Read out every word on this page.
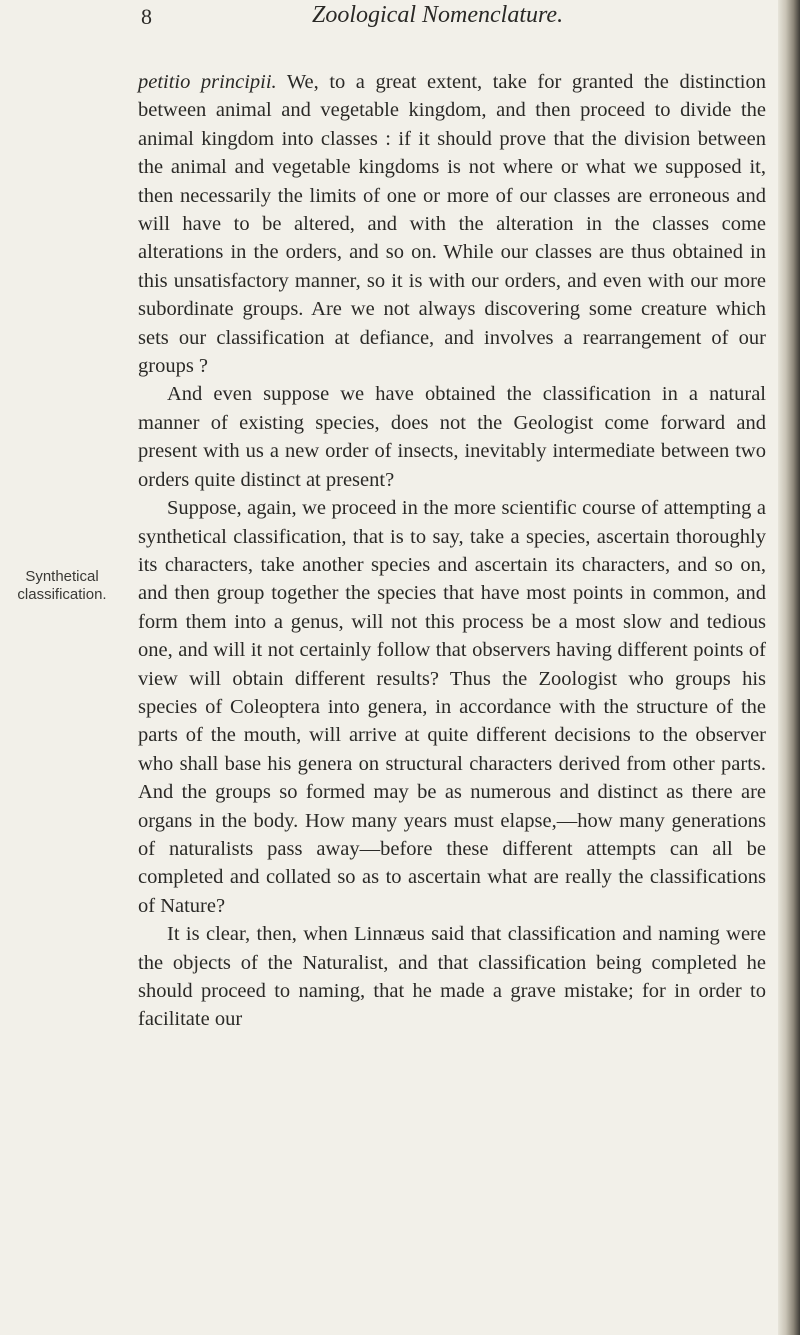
8	Zoological Nomenclature.
Synthetical
classification.

petitio principii. We, to a great extent, take for granted the distinction between animal and vegetable kingdom, and then proceed to divide the animal kingdom into classes : if it should prove that the division between the animal and vegetable kingdoms is not where or what we supposed it, then necessarily the limits of one or more of our classes are erroneous and will have to be altered, and with the alteration in the classes come alterations in the orders, and so on. While our classes are thus obtained in this unsatisfactory manner, so it is with our orders, and even with our more subordinate groups. Are we not always discovering some creature which sets our classification at defiance, and involves a rearrangement of our groups ?

And even suppose we have obtained the classification in a natural manner of existing species, does not the Geologist come forward and present with us a new order of insects, inevitably intermediate between two orders quite distinct at present?

Suppose, again, we proceed in the more scientific course of attempting a synthetical classification, that is to say, take a species, ascertain thoroughly its characters, take another species and ascertain its characters, and so on, and then group together the species that have most points in common, and form them into a genus, will not this process be a most slow and tedious one, and will it not certainly follow that observers having different points of view will obtain different results? Thus the Zoologist who groups his species of Coleoptera into genera, in accordance with the structure of the parts of the mouth, will arrive at quite different decisions to the observer who shall base his genera on structural characters derived from other parts. And the groups so formed may be as numerous and distinct as there are organs in the body. How many years must elapse,—how many generations of naturalists pass away—before these different attempts can all be completed and collated so as to ascertain what are really the classifications of Nature?

It is clear, then, when Linnæus said that classification and naming were the objects of the Naturalist, and that classification being completed he should proceed to naming, that he made a grave mistake; for in order to facilitate our
